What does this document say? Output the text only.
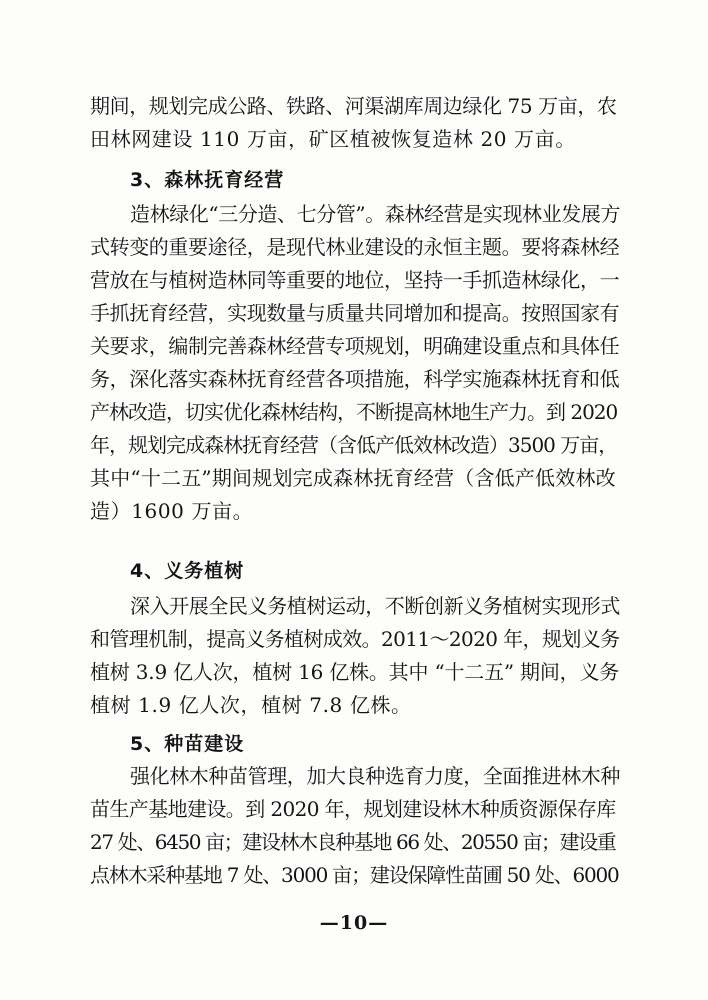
期间，规划完成公路、铁路、河渠湖库周边绿化 75 万亩，农
田林网建设 110 万亩，矿区植被恢复造林 20 万亩。
3、森林抚育经营
造林绿化“三分造、七分管”。森林经营是实现林业发展方
式转变的重要途径，是现代林业建设的永恒主题。要将森林经
营放在与植树造林同等重要的地位，坚持一手抓造林绿化，一
手抓抚育经营，实现数量与质量共同增加和提高。按照国家有
关要求，编制完善森林经营专项规划，明确建设重点和具体任
务，深化落实森林抚育经营各项措施，科学实施森林抚育和低
产林改造，切实优化森林结构，不断提高林地生产力。到 2020
年，规划完成森林抚育经营（含低产低效林改造）3500 万亩，
其中“十二五”期间规划完成森林抚育经营（含低产低效林改
造）1600 万亩。
4、义务植树
深入开展全民义务植树运动，不断创新义务植树实现形式
和管理机制，提高义务植树成效。2011～2020 年，规划义务
植树 3.9 亿人次，植树 16 亿株。其中 “十二五” 期间，义务
植树 1.9 亿人次，植树 7.8 亿株。
5、种苗建设
强化林木种苗管理，加大良种选育力度，全面推进林木种
苗生产基地建设。到 2020 年，规划建设林木种质资源保存库
27 处、6450 亩；建设林木良种基地 66 处、20550 亩；建设重
点林木采种基地 7 处、3000 亩；建设保障性苗圃 50 处、6000
—10—
